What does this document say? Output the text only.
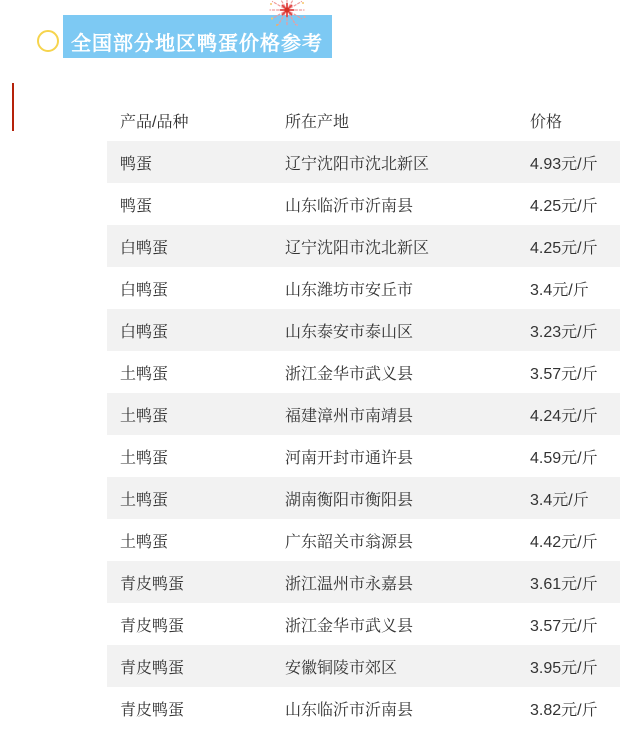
全国部分地区鸭蛋价格参考
产品/品种	所在产地	价格
鸭蛋	辽宁沈阳市沈北新区	4.93元/斤
鸭蛋	山东临沂市沂南县	4.25元/斤
白鸭蛋	辽宁沈阳市沈北新区	4.25元/斤
白鸭蛋	山东潍坊市安丘市	3.4元/斤
白鸭蛋	山东泰安市泰山区	3.23元/斤
土鸭蛋	浙江金华市武义县	3.57元/斤
土鸭蛋	福建漳州市南靖县	4.24元/斤
土鸭蛋	河南开封市通许县	4.59元/斤
土鸭蛋	湖南衡阳市衡阳县	3.4元/斤
土鸭蛋	广东韶关市翁源县	4.42元/斤
青皮鸭蛋	浙江温州市永嘉县	3.61元/斤
青皮鸭蛋	浙江金华市武义县	3.57元/斤
青皮鸭蛋	安徽铜陵市郊区	3.95元/斤
青皮鸭蛋	山东临沂市沂南县	3.82元/斤
